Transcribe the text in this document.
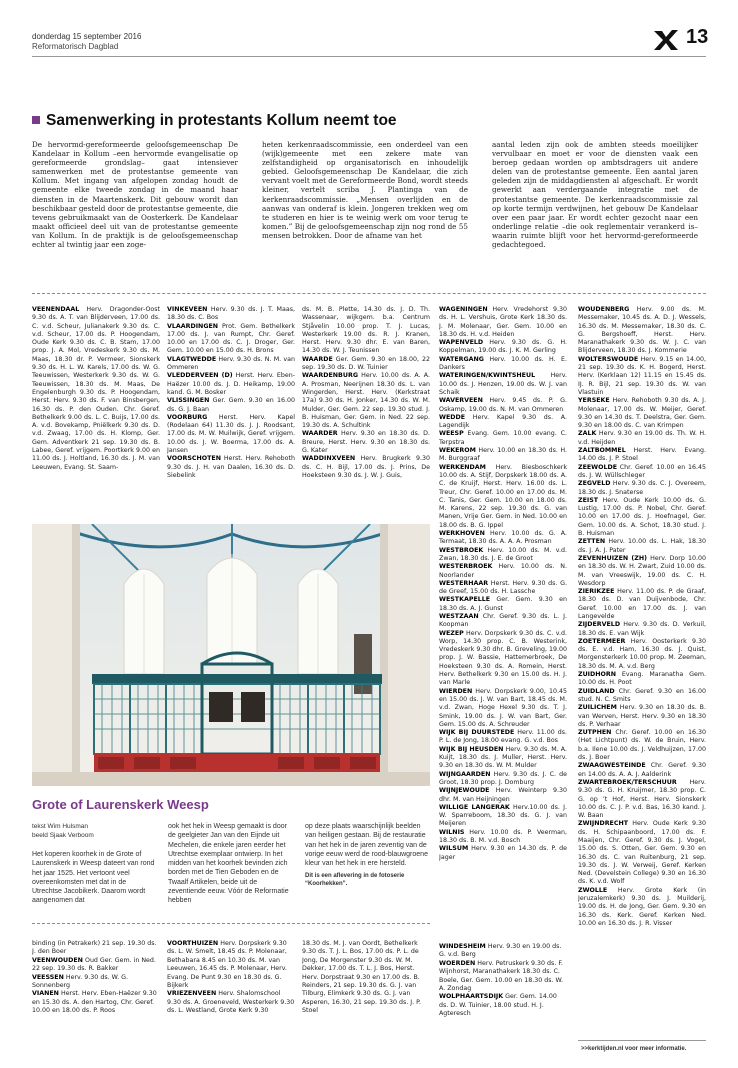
donderdag 15 september 2016
Reformatorisch Dagblad	13
Samenwerking in protestants Kollum neemt toe

De hervormd-gereformeerde geloofsgemeenschap De Kandelaar in Kollum –een hervormde evangelisatie op gereformeerde grondslag– gaat intensiever samenwerken met de protestantse gemeente van Kollum. Met ingang van afgelopen zondag houdt de gemeente elke tweede zondag in de maand haar diensten in de Maartenskerk. Dit gebouw wordt dan beschikbaar gesteld door de protestantse gemeente, die tevens gebruikmaakt van de Oosterkerk. De Kandelaar maakt officieel deel uit van de protestantse gemeente van Kollum. In de praktijk is de geloofsgemeenschap echter al twintig jaar een zoge-

heten kerkenraadscommissie, een onderdeel van een (wijk)gemeente met een zekere mate van zelfstandigheid op organisatorisch en inhoudelijk gebied. Geloofsgemeenschap De Kandelaar, die zich vervant voelt met de Gereformeerde Bond, wordt steeds kleiner, vertelt scriba J. Plantinga van de kerkenraadscommissie. „Mensen overlijden en de aanwas van onderaf is klein. Jongeren trekken weg om te studeren en hier is te weinig werk om voor terug te komen.” Bij de geloofsgemeenschap zijn nog rond de 55 mensen betrokken. Door de afname van het

aantal leden zijn ook de ambten steeds moeilijker vervulbaar en moet er voor de diensten vaak een beroep gedaan worden op ambtsdragers uit andere delen van de protestantse gemeente. Een aantal jaren geleden zijn de middagdiensten al afgeschaft. Er wordt gewerkt aan verdergaande integratie met de protestantse gemeente. De kerkenraadscommissie zal op korte termijn verdwijnen, het gebouw De Kandelaar over een paar jaar. Er wordt echter gezocht naar een onderlinge relatie –die ook reglementair verankerd is– waarin ruimte blijft voor het hervormd-gereformeerde gedachtegoed.

VEENENDAAL Herv. Dragonder-Oost 9.30 ds. A. T. van Blijderveen, 17.00 ds. C. v.d. Scheur, Julianakerk 9.30 ds. C. v.d. Scheur, 17.00 ds. P. Hoogendam, Oude Kerk 9.30 ds. C. B. Stam, 17.00 prop. J. A. Mol, Vredeskerk 9.30 ds. M. Maas, 18.30 dr. P. Vermeer, Sionskerk 9.30 ds. H. L. W. Karels, 17.00 ds. W. G. Teeuwissen, Westerkerk 9.30 ds. W. G. Teeuwissen, 18.30 ds. M. Maas, De Engelenburgh 9.30 ds. P. Hoogendam, Herst. Herv. 9.30 ds. F. van Binsbergen, 16.30 ds. P. den Ouden. Chr. Geref. Bethelkerk 9.00 ds. L. C. Buijs, 17.00 ds. A. v.d. Bovekamp, Pniëlkerk 9.30 ds. D. v.d. Zwaag, 17.00 ds. H. Klomp, Ger. Gem. Adventkerk 21 sep. 19.30 ds. B. Labee, Geref. vrijgem. Poortkerk 9.00 en 11.00 ds. J. Holtland, 16.30 ds. J. M. van Leeuwen, Evang. St. Saam-
VINKEVEEN Herv. 9.30 ds. J. T. Maas, 18.30 ds. C. Bos
VLAARDINGEN Prot. Gem. Bethelkerk 17.00 ds. J. van Rumpt, Chr. Geref. 10.00 en 17.00 ds. C. J. Droger, Ger. Gem. 10.00 en 15.00 ds. H. Brons
VLAGTWEDDE Herv. 9.30 ds. N. M. van Ommeren
VLEDDERVEEN (D) Herst. Herv. Eben-Haëzer 10.00 ds. J. D. Heikamp, 19.00 kand. G. M. Bosker
VLISSINGEN Ger. Gem. 9.30 en 16.00 ds. G. J. Baan
VOORBURG Herst. Herv. Kapel (Rodelaan 64) 11.30 ds. J. J. Roodsant, 17.00 ds. M. W. Muilwijk, Geref. vrijgem. 10.00 ds. J. W. Boerma, 17.00 ds. A. Jansen
VOORSCHOTEN Herst. Herv. Rehoboth 9.30 ds. J. H. van Daalen, 16.30 ds. D. Siebelink
ds. M. B. Plette, 14.30 ds. J. D. Th. Wassenaar, wijkgem. b.a. Centrum Stjåvelin 10.00 prop. T. J. Lucas, Westerkerk 19.00 ds. R. J. Kranen, Herst. Herv. 9.30 dhr. E. van Baren, 14.30 ds. W. J. Teunissen
WAARDE Ger. Gem. 9.30 en 18.00, 22 sep. 19.30 ds. D. W. Tuinier
WAARDENBURG Herv. 10.00 ds. A. A. A. Prosman, Neerijnen 18.30 ds. L. van Wingerden, Herst. Herv. (Kerkstraat 17a) 9.30 ds. H. Jonker, 14.30 ds. W. M. Mulder, Ger. Gem. 22 sep. 19.30 stud. J. B. Huisman, Ger. Gem. in Ned. 22 sep. 19.30 ds. A. Schultink
WAARDER Herv. 9.30 en 18.30 ds. D. Breure, Herst. Herv. 9.30 en 18.30 ds. G. Kater
WADDINXVEEN Herv. Brugkerk 9.30 ds. C. H. Bijl, 17.00 ds. J. Prins, De Hoeksteen 9.30 ds. J. W. J. Guis,
WAGENINGEN Herv. Vredehorst 9.30 ds. H. L. Vershuis, Grote Kerk 18.30 ds. J. M. Molenaar, Ger. Gem. 10.00 en 18.30 ds. H. v.d. Heiden
WAPENVELD Herv. 9.30 ds. G. H. Koppelman, 19.00 ds. J. K. M. Gerling
WATERGANG Herv. 10.00 ds. H. E. Dankers
WATERINGEN/KWINTSHEUL Herv. 10.00 ds. J. Henzen, 19.00 ds. W. J. van Schaik
WAVERVEEN Herv. 9.45 ds. P. G. Oskamp, 19.00 ds. N. M. van Ommeren
WEDDE Herv. Kapel 9.30 ds. A. Lagendijk
WEESP Evang. Gem. 10.00 evang. C. Terpstra
WEKEROM Herv. 10.00 en 18.30 ds. H. M. Burggraaf
WERKENDAM Herv. Biesboschkerk 10.00 ds. A. Stijf, Dorpskerk 18.00 ds. A. C. de Kruijf, Herst. Herv. 16.00 ds. L. Treur, Chr. Geref. 10.00 en 17.00 ds. M. C. Tanis, Ger. Gem. 10.00 en 18.00 ds. M. Karens, 22 sep. 19.30 ds. G. van Manen, Vrije Ger. Gem. in Ned. 10.00 en 18.00 ds. B. G. Ippel
WERKHOVEN Herv. 10.00 ds. G. A. Termaat, 18.30 ds. A. A. A. Prosman
WESTBROEK Herv. 10.00 ds. M. v.d. Zwan, 18.30 ds. J. E. de Groot
WESTERBROEK Herv. 10.00 ds. N. Noorlander
WESTERHAAR Herst. Herv. 9.30 ds. G. de Greef, 15.00 ds. H. Lassche
WESTKAPELLE Ger. Gem. 9.30 en 18.30 ds. A. J. Gunst
WESTZAAN Chr. Geref. 9.30 ds. L. J. Koopman
WEZEP Herv. Dorpskerk 9.30 ds. C. v.d. Worp, 14.30 prop. C. B. Westerink, Vredeskerk 9.30 dhr. B. Greveling, 19.00 prop. J. W. Bassie, Hattemerbroek, De Hoeksteen 9.30 ds. A. Romein, Herst. Herv. Bethelkerk 9.30 en 15.00 ds. H. J. van Marle
WIERDEN Herv. Dorpskerk 9.00, 10.45 en 15.00 ds. J. W. van Bart, 18.45 ds. M. v.d. Zwan, Hoge Hexel 9.30 ds. T. J. Smink, 19.00 ds. J. W. van Bart, Ger. Gem. 15.00 ds. A. Schreuder
WIJK BIJ DUURSTEDE Herv. 11.00 ds. P. L. de Jong, 18.00 evang. G. v.d. Bos
WIJK BIJ HEUSDEN Herv. 9.30 ds. M. A. Kuijt, 18.30 ds. J. Muller, Herst. Herv. 9.30 en 18.30 ds. W. M. Mulder
WIJNGAARDEN Herv. 9.30 ds. J. C. de Groot, 18.30 prop. J. Domburg
WIJNJEWOUDE Herv. Weinterp 9.30 dhr. M. van Heijningen
WILLIGE LANGERAK Herv.10.00 ds. J. W. Sparreboom, 18.30 ds. G. J. van Meijeren
WILNIS Herv. 10.00 ds. P. Veerman, 18.30 ds. B. M. v.d. Bosch
WILSUM Herv. 9.30 en 14.30 ds. P. de Jager
WOUDENBERG Herv. 9.00 ds. M. Messemaker, 10.45 ds. A. D. J. Wessels, 16.30 ds. M. Messemaker, 18.30 ds. C. G. Bergshoeff, Herst. Herv. Maranathakerk 9.30 ds. W. J. C. van Blijderveen, 18.30 ds. J. Kommerie
WOLTERSWOUDE Herv. 9.15 en 14.00, 21 sep. 19.30 ds. K. H. Bogerd, Herst. Herv. (Kerklaan 12) 11.15 en 15.45 ds. IJ. R. Bijl, 21 sep. 19.30 ds. W. van Vlastuin
YERSEKE Herv. Rehoboth 9.30 ds. A. J. Molenaar, 17.00 ds. W. Meijer, Geref. 9.30 en 14.30 ds. T. Deelstra, Ger. Gem. 9.30 en 18.00 ds. C. van Krimpen
ZALK Herv. 9.30 en 19.00 ds. Th. W. H. v.d. Heijden
ZALTBOMMEL Herst. Herv. Evang. 14.00 ds. J. P. Stoel
ZEEWOLDE Chr. Geref. 10.00 en 16.45 ds. J. W. Wüllschleger
ZEGVELD Herv. 9.30 ds. C. J. Overeem, 18.30 ds. J. Snaterse
ZEIST Herv. Oude Kerk 10.00 ds. G. Lustig, 17.00 ds. P. Nobel, Chr. Geref. 10.00 en 17.00 ds. J. Hoefnagel, Ger. Gem. 10.00 ds. A. Schot, 18.30 stud. J. B. Huisman
ZETTEN Herv. 10.00 ds. L. Hak, 18.30 ds. J. A. J. Pater
ZEVENHUIZEN (ZH) Herv. Dorp 10.00 en 18.30 ds. W. H. Zwart, Zuid 10.00 ds. M. van Vreeswijk, 19.00 ds. C. H. Wesdorp
ZIERIKZEE Herv. 11.00 ds. P. de Graaf, 18.30 ds. D. van Duijvenbode, Chr. Geref. 10.00 en 17.00 ds. J. van Langevelde
ZIJDERVELD Herv. 9.30 ds. D. Verkuil, 18.30 ds. E. van Wijk
ZOETERMEER Herv. Oosterkerk 9.30 ds. E. v.d. Ham, 16.30 ds. J. Quist, Morgensterkerk 10.00 prop. M. Zeeman, 18.30 ds. M. A. v.d. Berg
ZUIDHORN Evang. Maranatha Gem. 10.00 ds. H. Poot
ZUIDLAND Chr. Geref. 9.30 en 16.00 stud. N. C. Smits
ZUILICHEM Herv. 9.30 en 18.30 ds. B. van Werven, Herst. Herv. 9.30 en 18.30 ds. P. Verhaar
ZUTPHEN Chr. Geref. 10.00 en 16.30 (Het Lichtpunt) ds. W. de Bruin, Herv. b.a. Ilene 10.00 ds. J. Veldhuijzen, 17.00 ds. J. Boer
ZWAAGWESTEINDE Chr. Geref. 9.30 en 14.00 ds. A. A. J. Aalderink
ZWARTEBROEK/TERSCHUUR Herv. 9.30 ds. G. H. Kruijmer, 18.30 prop. C. G. op ’t Hof, Herst. Herv. Sionskerk 10.00 ds. C. J. P. v.d. Bas, 16.30 kand. J. W. Baan
ZWIJNDRECHT Herv. Oude Kerk 9.30 ds. H. Schipaanboord, 17.00 ds. F. Maaijen, Chr. Geref. 9.30 ds. J. Vogel, 15.00 ds. S. Otten, Ger. Gem. 9.30 en 16.30 ds. C. van Ruitenburg, 21 sep. 19.30 ds. J. W. Verweij, Geref. Kerken Ned. (Develstein College) 9.30 en 16.30 ds. K. v.d. Wolf
ZWOLLE Herv. Grote Kerk (in Jeruzalemkerk) 9.30 ds. J. Muilderij, 19.00 ds. H. de Jong, Ger. Gem. 9.30 en 16.30 ds. Kerk. Geref. Kerken Ned. 10.00 en 16.30 ds. J. R. Visser
Grote of Laurenskerk Weesp
tekst Wim Hulsman
beeld Sjaak Verboom
Het koperen koorhek in de Grote of Laurenskerk in Weesp dateert van rond het jaar 1525. Het vertoont veel overeenkomsten met dat in de Utrechtse Jacobikerk. Daarom wordt aangenomen dat
ook het hek in Weesp gemaakt is door de geelgieter Jan van den Eijnde uit Mechelen, die enkele jaren eerder het Utrechtse exemplaar ontwierp. In het midden van het koorhek bevinden zich borden met de Tien Geboden en de Twaalf Artikelen, beide uit de zeventiende eeuw. Vóór de Reformatie hebben
op deze plaats waarschijnlijk beelden van heiligen gestaan. Bij de restauratie van het hek in de jaren zeventig van de vorige eeuw werd de rood-blauwgroene kleur van het hek in ere hersteld.
Dit is een aflevering in de fotoserie “Koorhekken”.
binding (in Petrakerk) 21 sep. 19.30 ds. J. den Boer
VEENWOUDEN Oud Ger. Gem. in Ned. 22 sep. 19.30 ds. R. Bakker
VEESSEN Herv. 9.30 ds. W. G. Sonnenberg
VIANEN Herst. Herv. Eben-Haëzer 9.30 en 15.30 ds. A. den Hartog, Chr. Geref. 10.00 en 18.00 ds. P. Roos
VOORTHUIZEN Herv. Dorpskerk 9.30 ds. L. W. Smelt, 18.45 ds. P. Molenaar, Bethabara 8.45 en 10.30 ds. M. van Leeuwen, 16.45 ds. P. Molenaar, Herv. Evang. De Punt 9.30 en 18.30 ds. G. Bijkerk
VRIEZENVEEN Herv. Shalomschool 9.30 ds. A. Groeneveld, Westerkerk 9.30 ds. L. Westland, Grote Kerk 9.30
18.30 ds. M. J. van Oordt, Bethelkerk 9.30 ds. T. J. L. Bos, 17.00 ds. P. L. de Jong, De Morgenster 9.30 ds. W. M. Dekker, 17.00 ds. T. L. J. Bos, Herst. Herv. Dorpstraat 9.30 en 17.00 ds. B. Reinders, 21 sep. 19.30 ds. G. J. van Tilburg, Elimkerk 9.30 ds. G. J. van Asperen, 16.30, 21 sep. 19.30 ds. J. P. Stoel
WINDESHEIM Herv. 9.30 en 19.00 ds. G. v.d. Berg
WOERDEN Herv. Petruskerk 9.30 ds. F. Wijnhorst, Maranathakerk 18.30 ds. C. Boele, Ger. Gem. 10.00 en 18.30 ds. W. A. Zondag
WOLPHAARTSDIJK Ger. Gem. 14.00 ds. D. W. Tuinier, 18.00 stud. H. J. Agteresch
>>kerktijden.nl voor meer informatie.
